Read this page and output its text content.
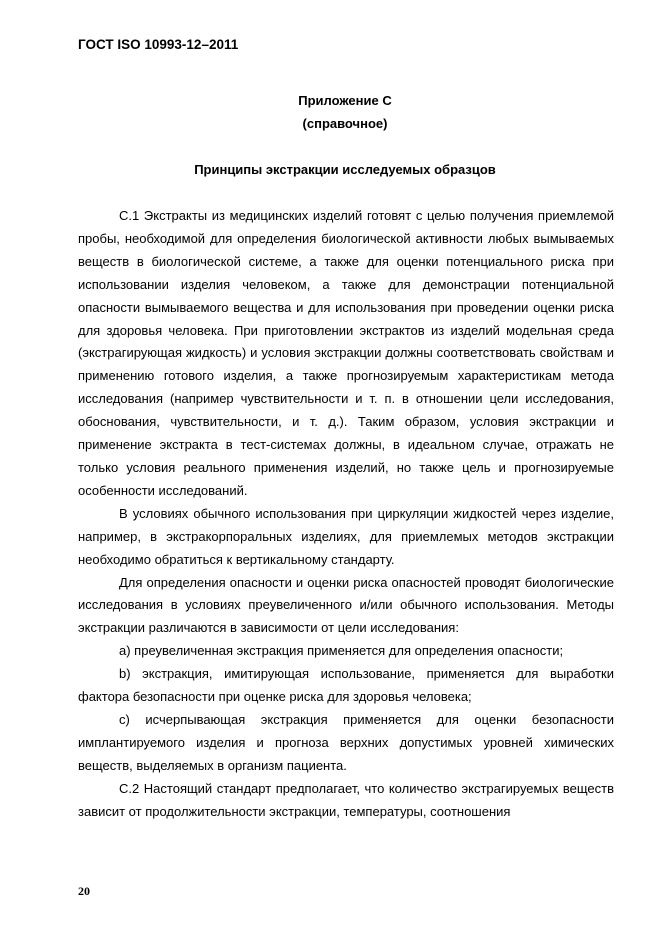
ГОСТ ISO 10993-12–2011
Приложение С
(справочное)
Принципы экстракции исследуемых образцов

С.1 Экстракты из медицинских изделий готовят с целью получения приемлемой пробы, необходимой для определения биологической активности любых вымываемых веществ в биологической системе, а также для оценки потенциального риска при использовании изделия человеком, а также для демонстрации потенциальной опасности вымываемого вещества и для использования при проведении оценки риска для здоровья человека. При приготовлении экстрактов из изделий модельная среда (экстрагирующая жидкость) и условия экстракции должны соответствовать свойствам и применению готового изделия, а также прогнозируемым характеристикам метода исследования (например чувствительности и т. п. в отношении цели исследования, обоснования, чувствительности, и т. д.). Таким образом, условия экстракции и применение экстракта в тест-системах должны, в идеальном случае, отражать не только условия реального применения изделий, но также цель и прогнозируемые особенности исследований.

В условиях обычного использования при циркуляции жидкостей через изделие, например, в экстракорпоральных изделиях, для приемлемых методов экстракции необходимо обратиться к вертикальному стандарту.

Для определения опасности и оценки риска опасностей проводят биологические исследования в условиях преувеличенного и/или обычного использования. Методы экстракции различаются в зависимости от цели исследования:

a) преувеличенная экстракция применяется для определения опасности;

b) экстракция, имитирующая использование, применяется для выработки фактора безопасности при оценке риска для здоровья человека;

c) исчерпывающая экстракция применяется для оценки безопасности имплантируемого изделия и прогноза верхних допустимых уровней химических веществ, выделяемых в организм пациента.

С.2 Настоящий стандарт предполагает, что количество экстрагируемых веществ зависит от продолжительности экстракции, температуры, соотношения

20
